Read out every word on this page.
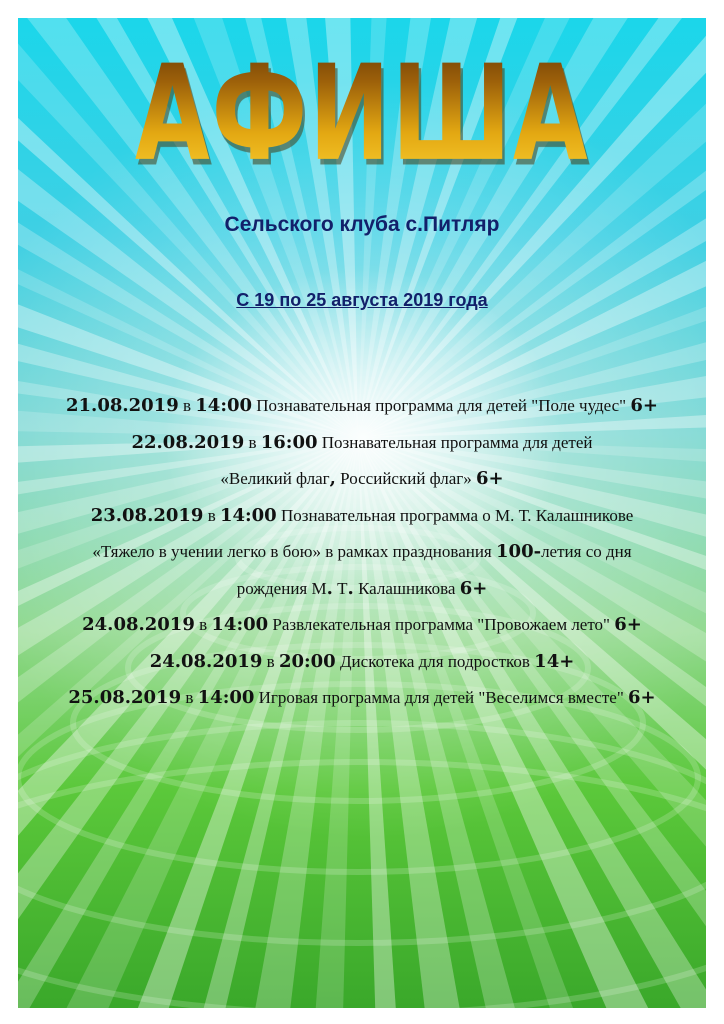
АФИША
Сельского клуба с.Питляр
С 19 по 25 августа 2019 года
21.08.2019 в 14:00 Познавательная программа для детей "Поле чудес" 6+
22.08.2019 в 16:00 Познавательная программа для детей
«Великий флаг, Российский флаг» 6+
23.08.2019 в 14:00 Познавательная программа о М. Т. Калашникове
«Тяжело в учении легко в бою» в рамках празднования 100-летия со дня
рождения М. Т. Калашникова 6+
24.08.2019 в 14:00 Развлекательная программа "Провожаем лето" 6+
24.08.2019 в 20:00 Дискотека для подростков 14+
25.08.2019 в 14:00 Игровая программа для детей "Веселимся вместе" 6+
